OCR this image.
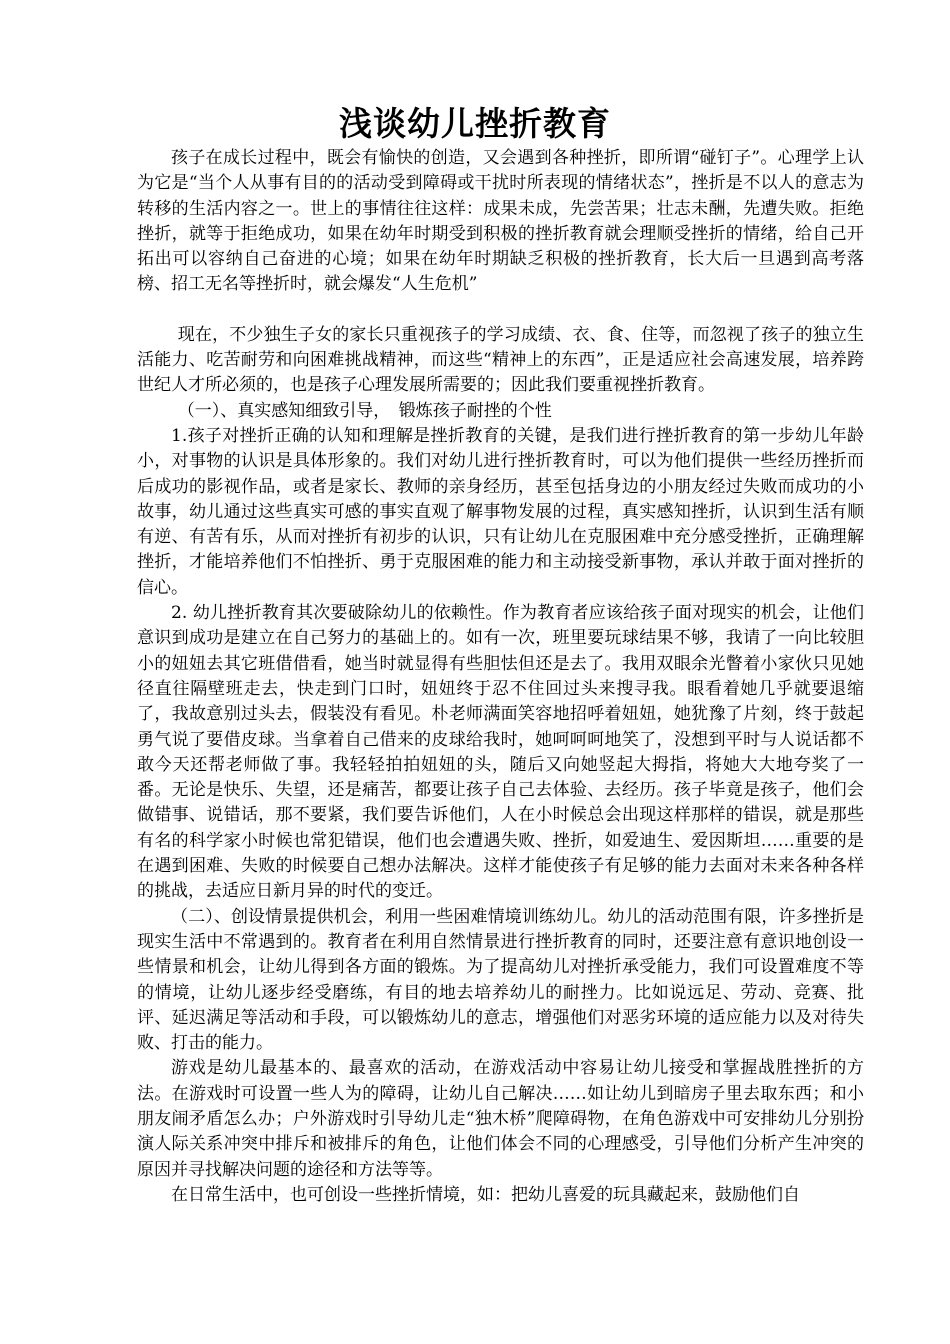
浅谈幼儿挫折教育

孩子在成长过程中，既会有愉快的创造，又会遇到各种挫折，即所谓“碰钉子”。心理学上认为它是“当个人从事有目的的活动受到障碍或干扰时所表现的情绪状态”，挫折是不以人的意志为转移的生活内容之一。世上的事情往往这样：成果未成，先尝苦果；壮志未酬，先遭失败。拒绝挫折，就等于拒绝成功，如果在幼年时期受到积极的挫折教育就会理顺受挫折的情绪，给自己开拓出可以容纳自己奋进的心境；如果在幼年时期缺乏积极的挫折教育，长大后一旦遇到高考落榜、招工无名等挫折时，就会爆发“人生危机”

现在，不少独生子女的家长只重视孩子的学习成绩、衣、食、住等，而忽视了孩子的独立生活能力、吃苦耐劳和向困难挑战精神，而这些“精神上的东西”，正是适应社会高速发展，培养跨世纪人才所必须的，也是孩子心理发展所需要的；因此我们要重视挫折教育。

（一）、真实感知细致引导，　锻炼孩子耐挫的个性

1.孩子对挫折正确的认知和理解是挫折教育的关键，是我们进行挫折教育的第一步幼儿年龄小，对事物的认识是具体形象的。我们对幼儿进行挫折教育时，可以为他们提供一些经历挫折而后成功的影视作品，或者是家长、教师的亲身经历，甚至包括身边的小朋友经过失败而成功的小故事，幼儿通过这些真实可感的事实直观了解事物发展的过程，真实感知挫折，认识到生活有顺有逆、有苦有乐，从而对挫折有初步的认识，只有让幼儿在克服困难中充分感受挫折，正确理解挫折，才能培养他们不怕挫折、勇于克服困难的能力和主动接受新事物，承认并敢于面对挫折的信心。

2. 幼儿挫折教育其次要破除幼儿的依赖性。作为教育者应该给孩子面对现实的机会，让他们意识到成功是建立在自己努力的基础上的。如有一次，班里要玩球结果不够，我请了一向比较胆小的妞妞去其它班借借看，她当时就显得有些胆怯但还是去了。我用双眼余光瞥着小家伙只见她径直往隔壁班走去，快走到门口时，妞妞终于忍不住回过头来搜寻我。眼看着她几乎就要退缩了，我故意别过头去，假装没有看见。朴老师满面笑容地招呼着妞妞，她犹豫了片刻，终于鼓起勇气说了要借皮球。当拿着自己借来的皮球给我时，她呵呵呵地笑了，没想到平时与人说话都不敢今天还帮老师做了事。我轻轻拍拍妞妞的头，随后又向她竖起大拇指，将她大大地夸奖了一番。无论是快乐、失望，还是痛苦，都要让孩子自己去体验、去经历。孩子毕竟是孩子，他们会做错事、说错话，那不要紧，我们要告诉他们，人在小时候总会出现这样那样的错误，就是那些有名的科学家小时候也常犯错误，他们也会遭遇失败、挫折，如爱迪生、爱因斯坦……重要的是在遇到困难、失败的时候要自己想办法解决。这样才能使孩子有足够的能力去面对未来各种各样的挑战，去适应日新月异的时代的变迁。

（二）、创设情景提供机会，利用一些困难情境训练幼儿。幼儿的活动范围有限，许多挫折是现实生活中不常遇到的。教育者在利用自然情景进行挫折教育的同时，还要注意有意识地创设一些情景和机会，让幼儿得到各方面的锻炼。为了提高幼儿对挫折承受能力，我们可设置难度不等的情境，让幼儿逐步经受磨练，有目的地去培养幼儿的耐挫力。比如说远足、劳动、竞赛、批评、延迟满足等活动和手段，可以锻炼幼儿的意志，增强他们对恶劣环境的适应能力以及对待失败、打击的能力。

游戏是幼儿最基本的、最喜欢的活动，在游戏活动中容易让幼儿接受和掌握战胜挫折的方法。在游戏时可设置一些人为的障碍，让幼儿自己解决……如让幼儿到暗房子里去取东西；和小朋友闹矛盾怎么办；户外游戏时引导幼儿走“独木桥”爬障碍物，在角色游戏中可安排幼儿分别扮演人际关系冲突中排斥和被排斥的角色，让他们体会不同的心理感受，引导他们分析产生冲突的原因并寻找解决问题的途径和方法等等。

在日常生活中，也可创设一些挫折情境，如：把幼儿喜爱的玩具藏起来，鼓励他们自
